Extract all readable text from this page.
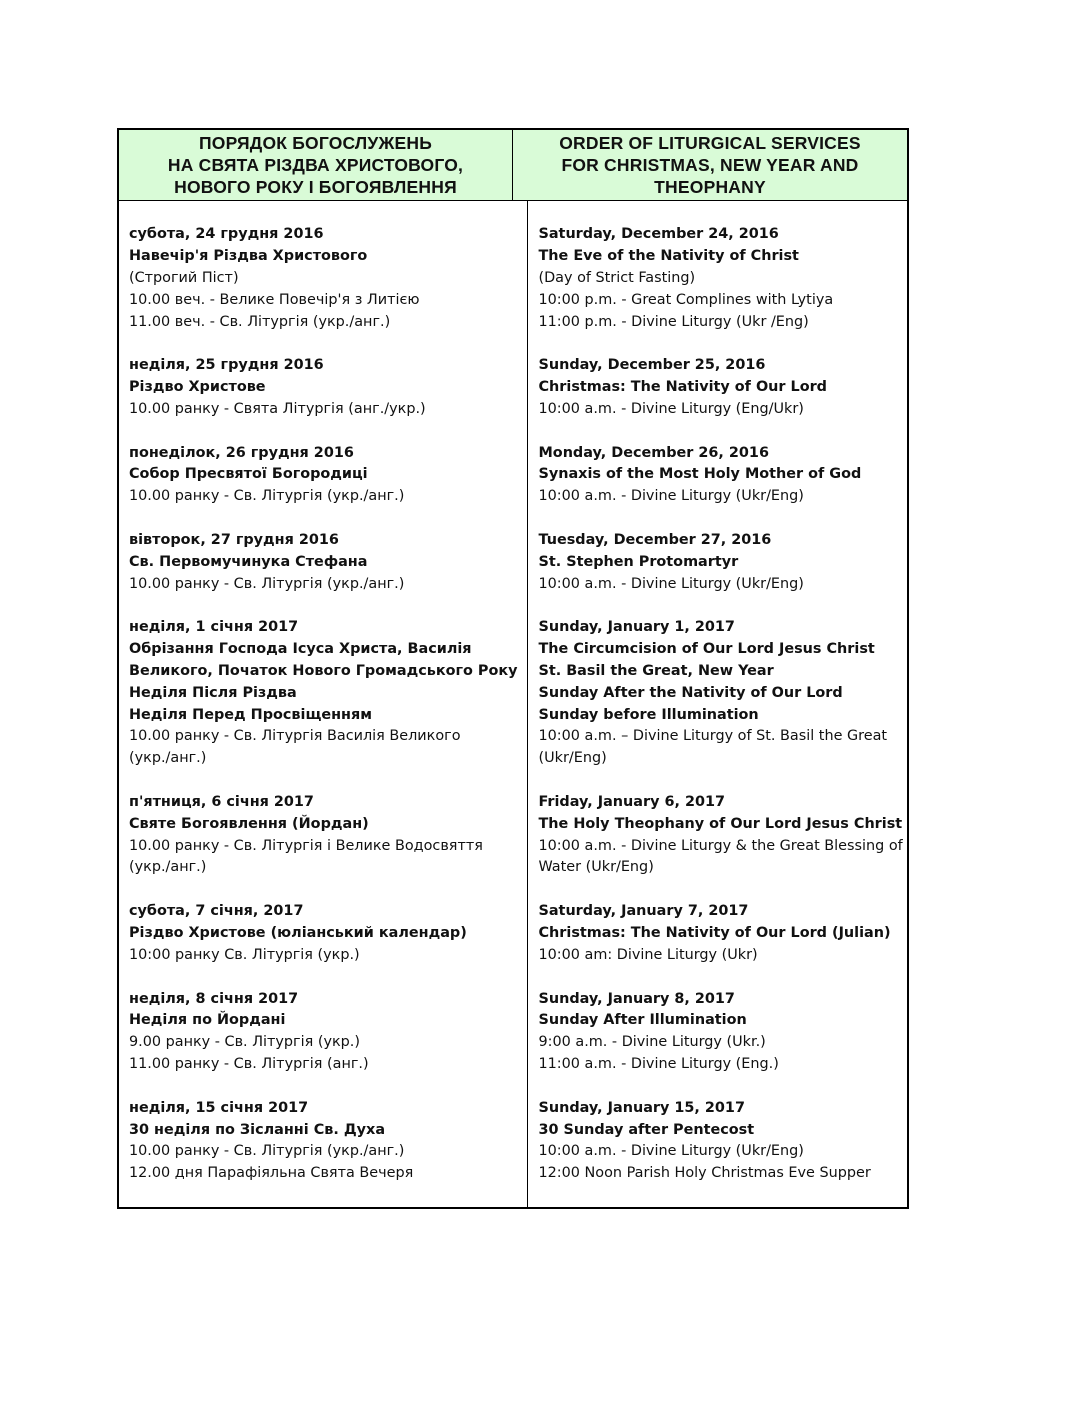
ПОРЯДОК БОГОСЛУЖЕНЬ
НА СВЯТА РІЗДВА ХРИСТОВОГО,
НОВОГО РОКУ І БОГОЯВЛЕННЯ
ORDER OF LITURGICAL SERVICES
FOR CHRISTMAS, NEW YEAR AND
THEOPHANY
субота, 24 грудня 2016
Навечір'я Різдва Христового
(Строгий Піст)
10.00 веч. - Велике Повечір'я з Литією
11.00 веч. - Св. Літургія (укр./анг.)
неділя, 25 грудня 2016
Різдво Христове
10.00 ранку - Свята Літургія (анг./укр.)
понеділок, 26 грудня 2016
Собор Пресвятої Богородиці
10.00 ранку - Св. Літургія (укр./анг.)
вівторок, 27 грудня 2016
Св. Первомучинука Стефана
10.00 ранку - Св. Літургія (укр./анг.)
неділя, 1 січня 2017
Обрізання Господа Ісуса Христа, Василія
Великого, Початок Нового Громадського Року
Неділя Після Різдва
Неділя Перед Просвіщенням
10.00 ранку - Св. Літургія Василія Великого
(укр./анг.)
п'ятниця, 6 січня 2017
Святе Богоявлення (Йордан)
10.00 ранку - Св. Літургія і Велике Водосвяття
(укр./анг.)
субота, 7 січня, 2017
Різдво Христове (юліанський календар)
10:00 ранку Св. Літургія (укр.)
неділя, 8 січня 2017
Неділя по Йордані
9.00 ранку - Св. Літургія (укр.)
11.00 ранку - Св. Літургія (анг.)
неділя, 15 січня 2017
30 неділя по Зісланні Св. Духа
10.00 ранку - Св. Літургія (укр./анг.)
12.00 дня Парафіяльна Свята Вечеря
Saturday, December 24, 2016
The Eve of the Nativity of Christ
(Day of Strict Fasting)
10:00 p.m. - Great Complines with Lytiya
11:00 p.m. - Divine Liturgy (Ukr /Eng)
Sunday, December 25, 2016
Christmas: The Nativity of Our Lord
10:00 a.m. - Divine Liturgy (Eng/Ukr)
Monday, December 26, 2016
Synaxis of the Most Holy Mother of God
10:00 a.m. - Divine Liturgy (Ukr/Eng)
Tuesday, December 27, 2016
St. Stephen Protomartyr
10:00 a.m. - Divine Liturgy (Ukr/Eng)
Sunday, January 1, 2017
The Circumcision of Our Lord Jesus Christ
St. Basil the Great, New Year
Sunday After the Nativity of Our Lord
Sunday before Illumination
10:00 a.m. – Divine Liturgy of St. Basil the Great
(Ukr/Eng)
Friday, January 6, 2017
The Holy Theophany of Our Lord Jesus Christ
10:00 a.m. - Divine Liturgy & the Great Blessing of
Water (Ukr/Eng)
Saturday, January 7, 2017
Christmas: The Nativity of Our Lord (Julian)
10:00 am: Divine Liturgy (Ukr)
Sunday, January 8, 2017
Sunday After Illumination
9:00 a.m. - Divine Liturgy (Ukr.)
11:00 a.m. - Divine Liturgy (Eng.)
Sunday, January 15, 2017
30 Sunday after Pentecost
10:00 a.m. - Divine Liturgy (Ukr/Eng)
12:00 Noon Parish Holy Christmas Eve Supper
